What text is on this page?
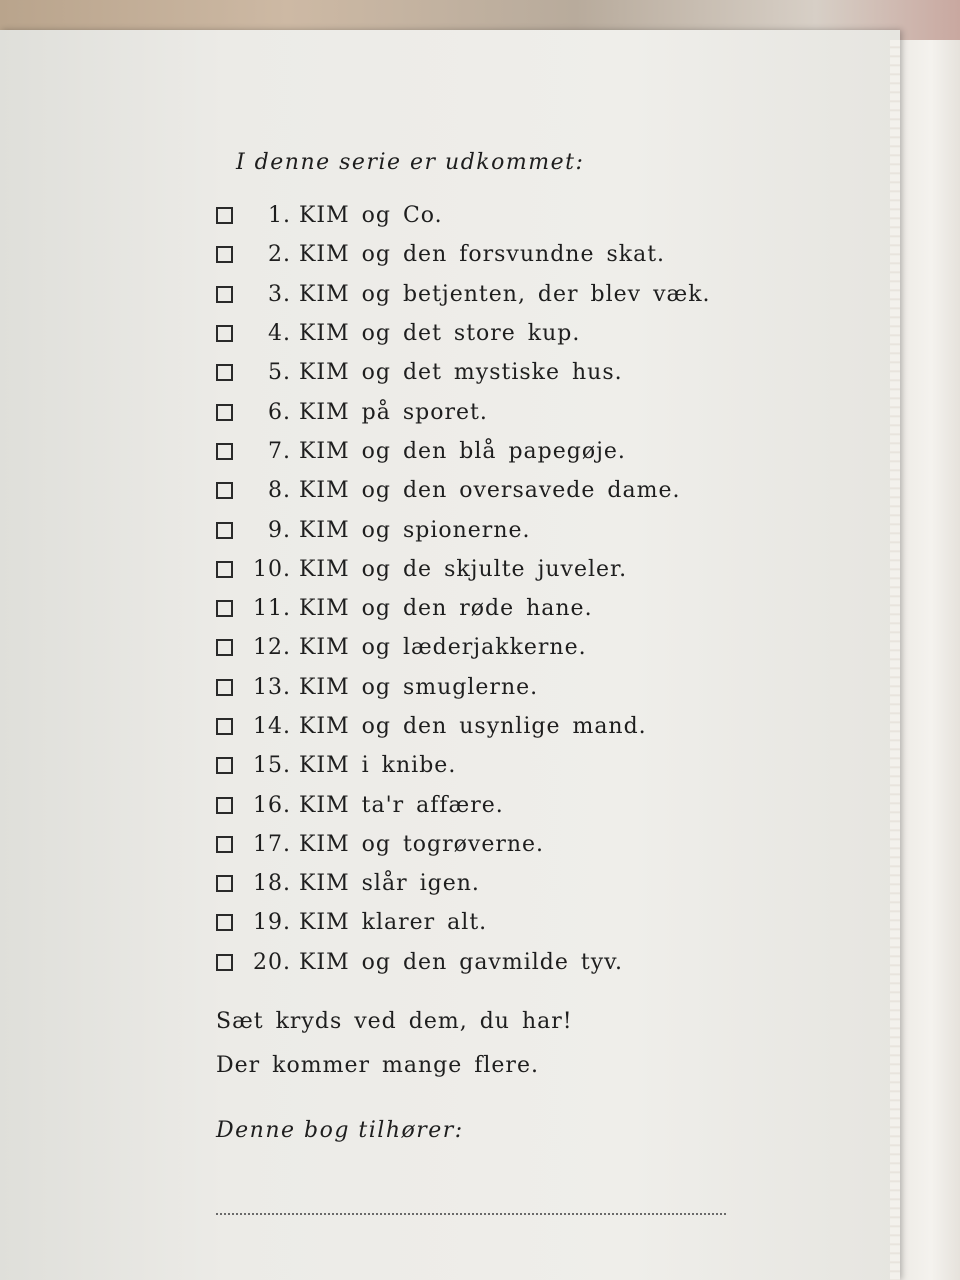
I denne serie er udkommet:
1. KIM og Co.
2. KIM og den forsvundne skat.
3. KIM og betjenten, der blev væk.
4. KIM og det store kup.
5. KIM og det mystiske hus.
6. KIM på sporet.
7. KIM og den blå papegøje.
8. KIM og den oversavede dame.
9. KIM og spionerne.
10. KIM og de skjulte juveler.
11. KIM og den røde hane.
12. KIM og læderjakkerne.
13. KIM og smuglerne.
14. KIM og den usynlige mand.
15. KIM i knibe.
16. KIM ta'r affære.
17. KIM og togrøverne.
18. KIM slår igen.
19. KIM klarer alt.
20. KIM og den gavmilde tyv.
Sæt kryds ved dem, du har!
Der kommer mange flere.
Denne bog tilhører:
